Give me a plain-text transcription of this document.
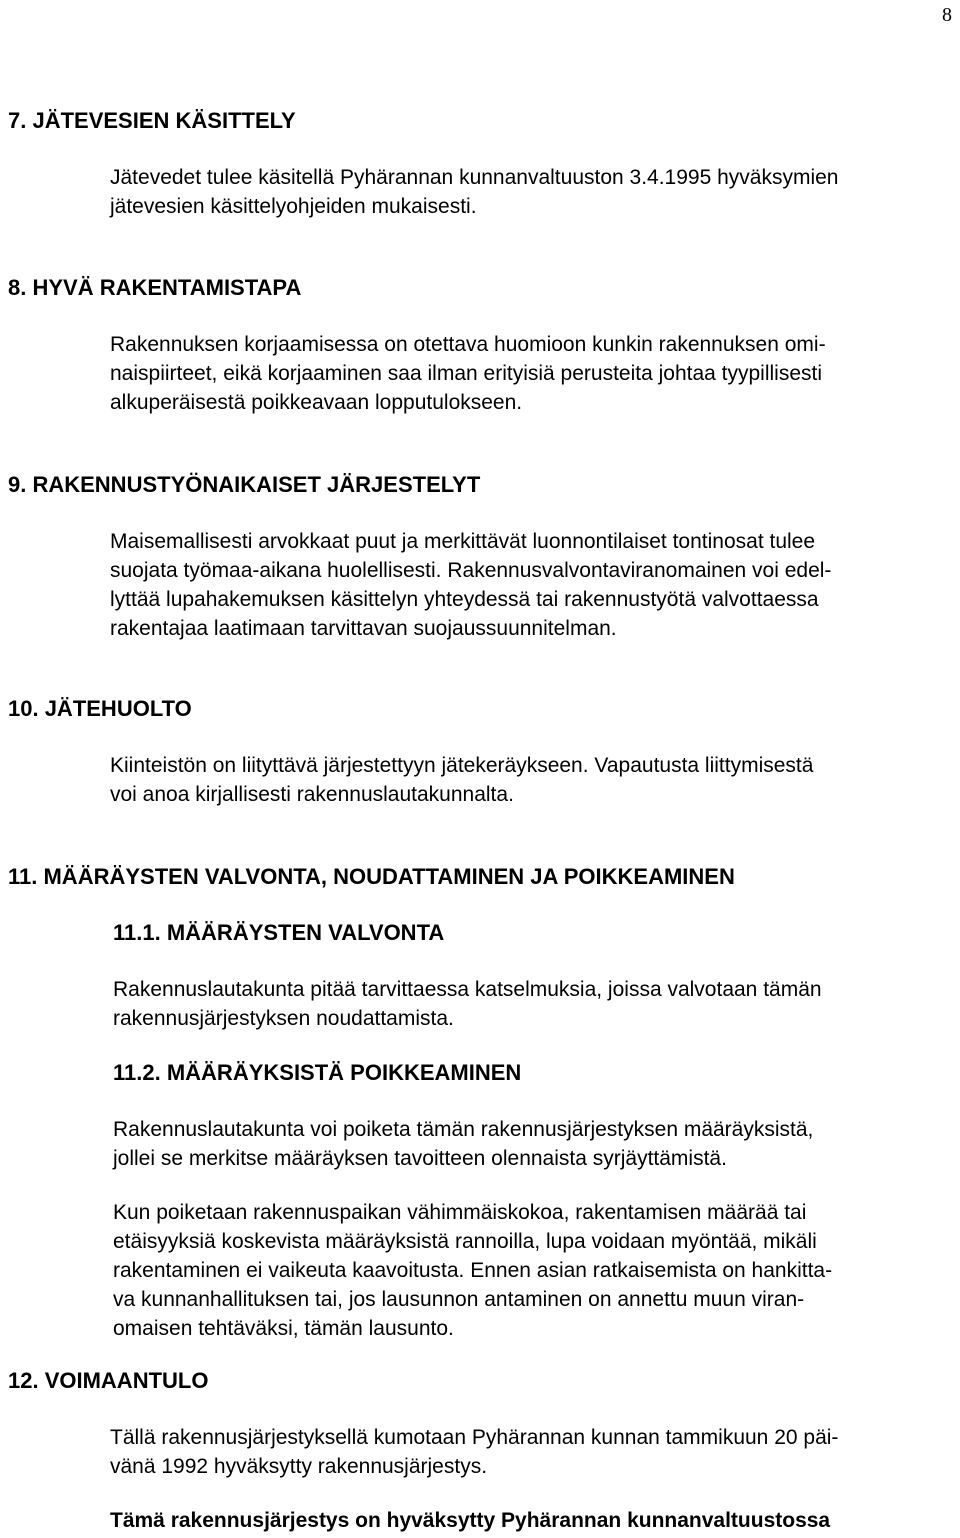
8
7. JÄTEVESIEN KÄSITTELY
Jätevedet tulee käsitellä Pyhärannan kunnanvaltuuston 3.4.1995 hyväksymien
jätevesien käsittelyohjeiden mukaisesti.
8. HYVÄ RAKENTAMISTAPA
Rakennuksen korjaamisessa on otettava huomioon kunkin rakennuksen omi-
naispiirteet, eikä korjaaminen saa ilman erityisiä perusteita johtaa tyypillisesti
alkuperäisestä poikkeavaan lopputulokseen.
9. RAKENNUSTYÖNAIKAISET JÄRJESTELYT
Maisemallisesti arvokkaat puut ja merkittävät luonnontilaiset tontinosat tulee
suojata työmaa-aikana huolellisesti. Rakennusvalvontaviranomainen voi edel-
lyttää lupahakemuksen käsittelyn yhteydessä tai rakennustyötä valvottaessa
rakentajaa laatimaan tarvittavan suojaussuunnitelman.
10. JÄTEHUOLTO
Kiinteistön on liityttävä järjestettyyn jätekeräykseen. Vapautusta liittymisestä
voi anoa kirjallisesti rakennuslautakunnalta.
11. MÄÄRÄYSTEN VALVONTA, NOUDATTAMINEN JA POIKKEAMINEN
11.1. MÄÄRÄYSTEN VALVONTA
Rakennuslautakunta pitää tarvittaessa katselmuksia, joissa valvotaan tämän
rakennusjärjestyksen noudattamista.
11.2. MÄÄRÄYKSISTÄ POIKKEAMINEN
Rakennuslautakunta voi poiketa tämän rakennusjärjestyksen määräyksistä,
jollei se merkitse määräyksen tavoitteen olennaista syrjäyttämistä.
Kun poiketaan rakennuspaikan vähimmäiskokoa, rakentamisen määrää tai
etäisyyksiä koskevista määräyksistä rannoilla, lupa voidaan myöntää, mikäli
rakentaminen ei vaikeuta kaavoitusta. Ennen asian ratkaisemista on hankitta-
va kunnanhallituksen tai, jos lausunnon antaminen on annettu muun viran-
omaisen tehtäväksi, tämän lausunto.
12. VOIMAANTULO
Tällä rakennusjärjestyksellä kumotaan Pyhärannan kunnan tammikuun 20 päi-
vänä 1992 hyväksytty rakennusjärjestys.
Tämä rakennusjärjestys on hyväksytty Pyhärannan kunnanvaltuustossa
